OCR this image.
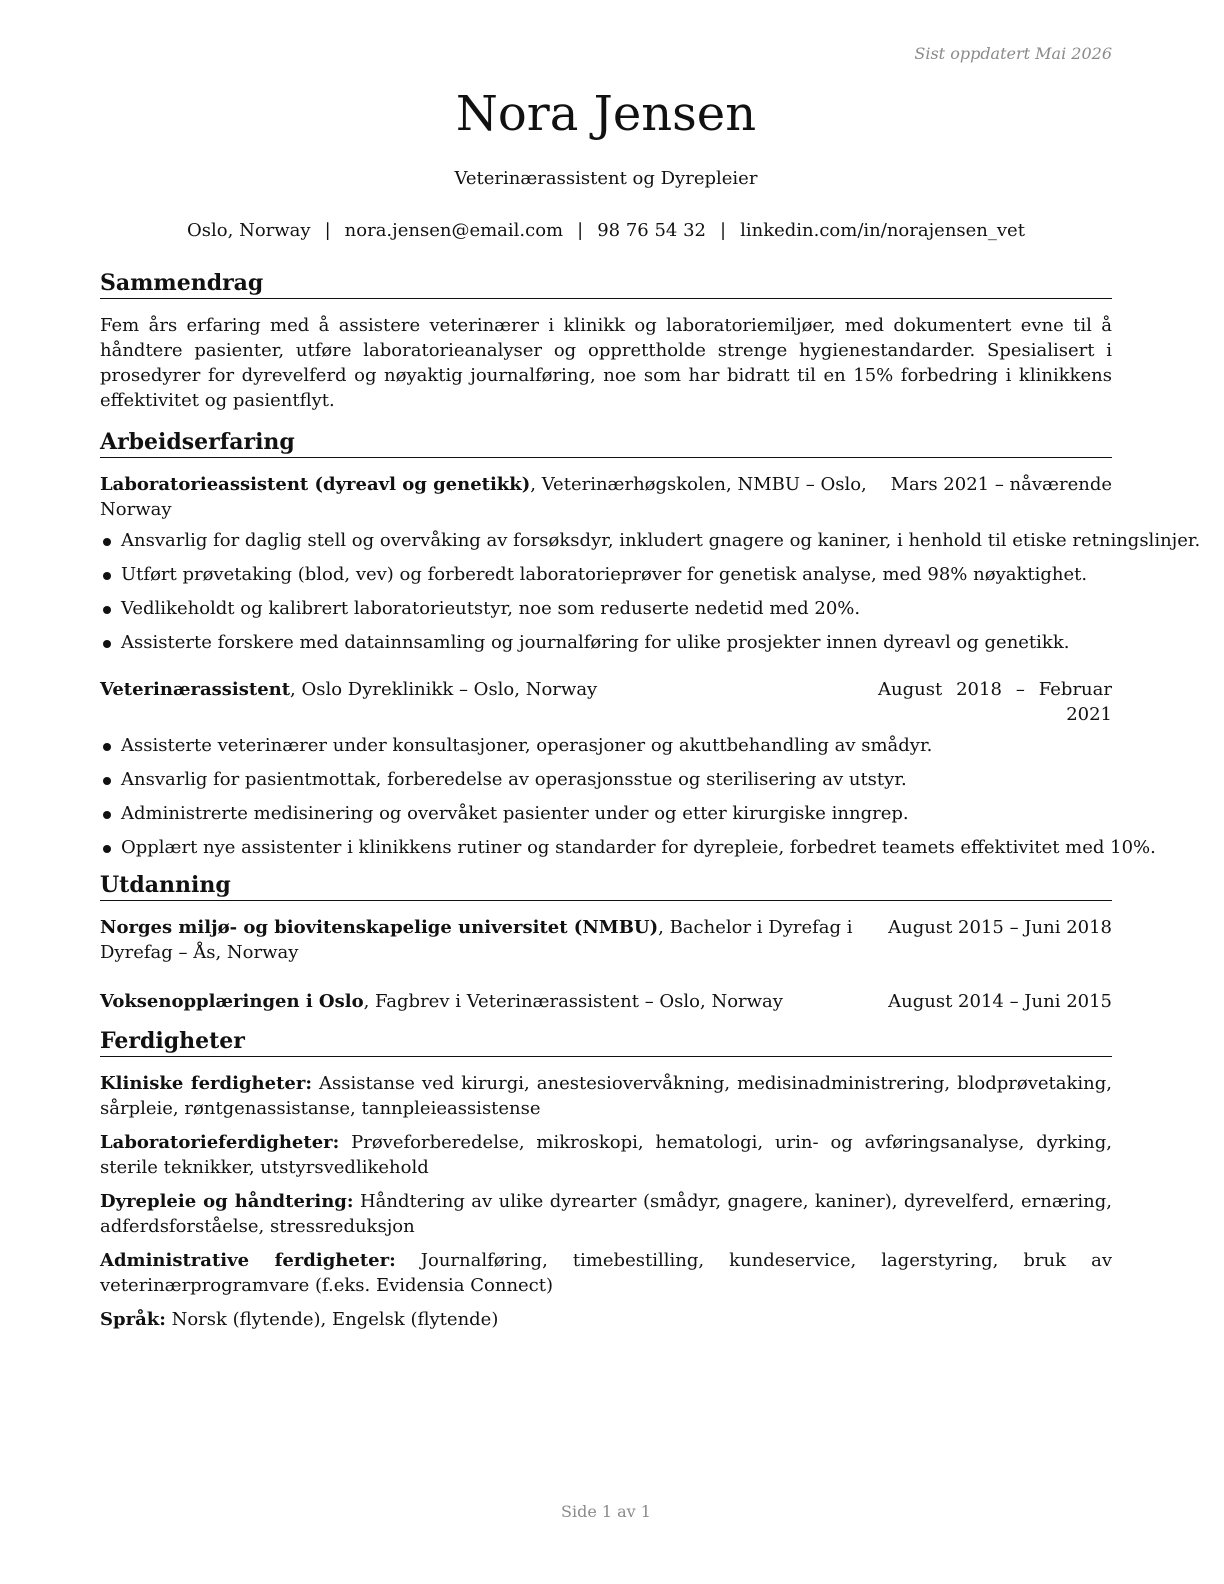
Sist oppdatert Mai 2026
Nora Jensen
Veterinærassistent og Dyrepleier
Oslo, Norway | nora.jensen@email.com | 98 76 54 32 | linkedin.com/in/norajensen_vet
Sammendrag

Fem års erfaring med å assistere veterinærer i klinikk og laboratoriemiljøer, med dokumentert evne til å håndtere pasienter, utføre laboratorieanalyser og opprettholde strenge hygienestandarder. Spesialisert i prosedyrer for dyrevelferd og nøyaktig journalføring, noe som har bidratt til en 15% forbedring i klinikkens effektivitet og pasientflyt.

Arbeidserfaring
Laboratorieassistent (dyreavl og genetikk), Veterinærhøgskolen, NMBU – Oslo, Norway
Mars 2021 – nåværende
Ansvarlig for daglig stell og overvåking av forsøksdyr, inkludert gnagere og kaniner, i henhold til etiske retningslinjer.
Utført prøvetaking (blod, vev) og forberedt laboratorieprøver for genetisk analyse, med 98% nøyaktighet.
Vedlikeholdt og kalibrert laboratorieutstyr, noe som reduserte nedetid med 20%.
Assisterte forskere med datainnsamling og journalføring for ulike prosjekter innen dyreavl og genetikk.
Veterinærassistent, Oslo Dyreklinikk – Oslo, Norway	August 2018 – Februar 2021
Assisterte veterinærer under konsultasjoner, operasjoner og akuttbehandling av smådyr.
Ansvarlig for pasientmottak, forberedelse av operasjonsstue og sterilisering av utstyr.
Administrerte medisinering og overvåket pasienter under og etter kirurgiske inngrep.
Opplært nye assistenter i klinikkens rutiner og standarder for dyrepleie, forbedret teamets effektivitet med 10%.
Utdanning
Norges miljø- og biovitenskapelige universitet (NMBU), Bachelor i Dyrefag i Dyrefag – Ås, Norway
August 2015 – Juni 2018
Voksenopplæringen i Oslo, Fagbrev i Veterinærassistent – Oslo, Norway	August 2014 – Juni 2015
Ferdigheter

Kliniske ferdigheter: Assistanse ved kirurgi, anestesiovervåkning, medisinadministrering, blodprøvetaking, sårpleie, røntgenassistanse, tannpleieassistense

Laboratorieferdigheter: Prøveforberedelse, mikroskopi, hematologi, urin- og avføringsanalyse, dyrking, sterile teknikker, utstyrsvedlikehold

Dyrepleie og håndtering: Håndtering av ulike dyrearter (smådyr, gnagere, kaniner), dyrevelferd, ernæring, adferdsforståelse, stressreduksjon

Administrative ferdigheter: Journalføring, timebestilling, kundeservice, lagerstyring, bruk av veterinærprogramvare (f.eks. Evidensia Connect)

Språk: Norsk (flytende), Engelsk (flytende)

Side 1 av 1
